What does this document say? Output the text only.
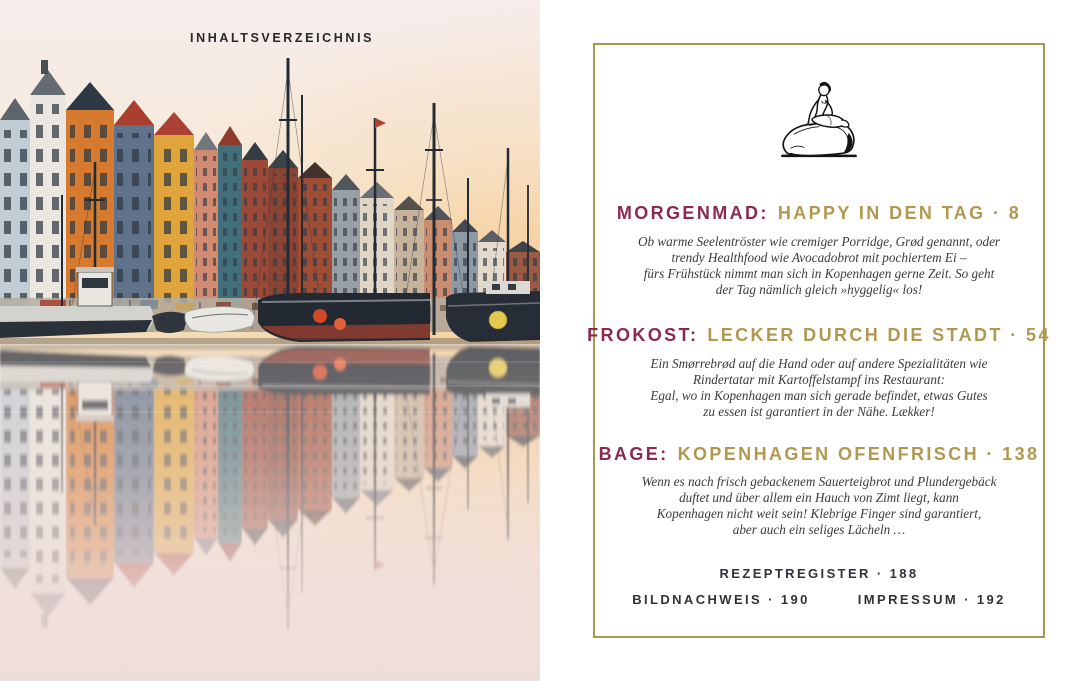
INHALTSVERZEICHNIS
MORGENMAD: HAPPY IN DEN TAG · 8
Ob warme Seelentröster wie cremiger Porridge, Grød genannt, oder
trendy Healthfood wie Avocadobrot mit pochiertem Ei –
fürs Frühstück nimmt man sich in Kopenhagen gerne Zeit. So geht
der Tag nämlich gleich »hyggelig« los!
FROKOST: LECKER DURCH DIE STADT · 54
Ein Smørrebrød auf die Hand oder auf andere Spezialitäten wie
Rindertatar mit Kartoffelstampf ins Restaurant:
Egal, wo in Kopenhagen man sich gerade befindet, etwas Gutes
zu essen ist garantiert in der Nähe. Lækker!
BAGE: KOPENHAGEN OFENFRISCH · 138
Wenn es nach frisch gebackenem Sauerteigbrot und Plundergebäck
duftet und über allem ein Hauch von Zimt liegt, kann
Kopenhagen nicht weit sein! Klebrige Finger sind garantiert,
aber auch ein seliges Lächeln …
REZEPTREGISTER · 188
BILDNACHWEIS · 190	IMPRESSUM · 192
